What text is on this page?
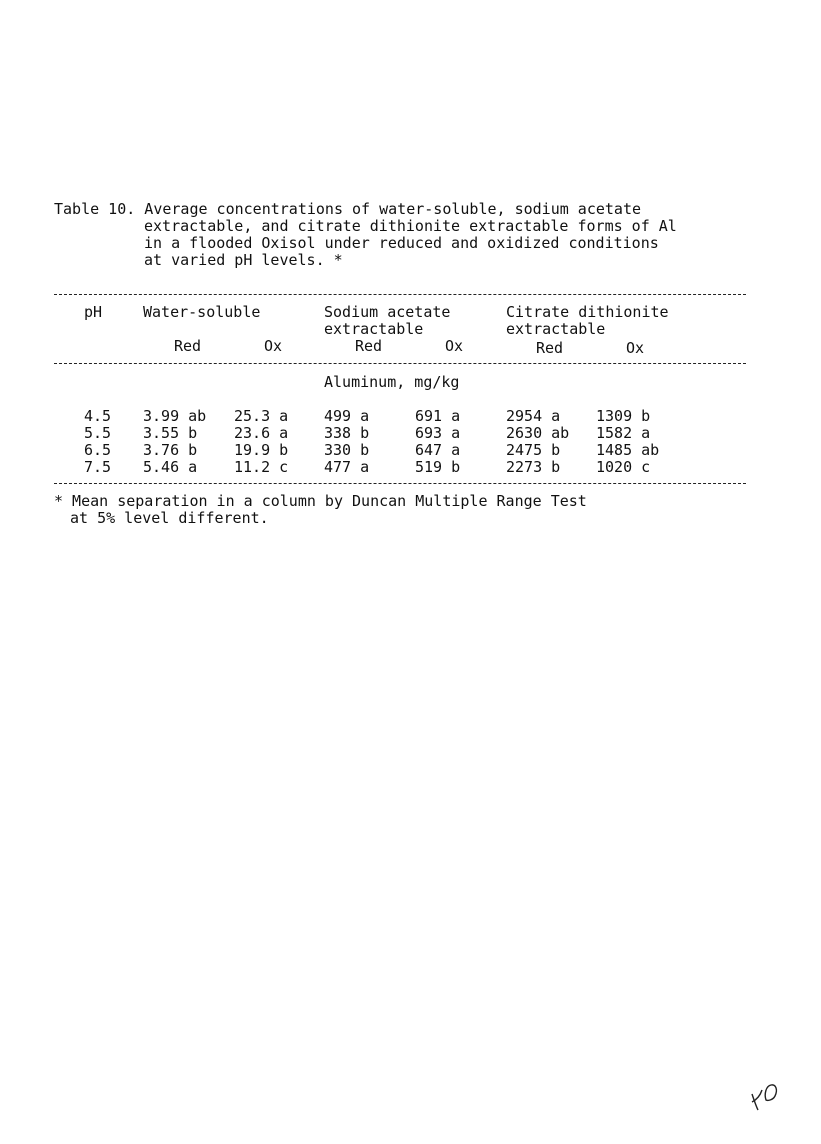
Table 10. Average concentrations of water-soluble, sodium acetate
extractable, and citrate dithionite extractable forms of Al
in a flooded Oxisol under reduced and oxidized conditions
at varied pH levels. *
pH	Water-soluble	Sodium acetate
extractable
Citrate dithionite
extractable
Red	Ox	Red	Ox	Red	Ox
Aluminum, mg/kg
4.5 3.99 ab 25.3 a 499 a	691 a	2954 a 1309 b
5.5 3.55 b 23.6 a 338 b	693 a	2630 ab 1582 a
6.5 3.76 b 19.9 b 330 b	647 a	2475 b 1485 ab
7.5 5.46 a 11.2 c 477 a	519 b	2273 b 1020 c
* Mean separation in a column by Duncan Multiple Range Test
at 5% level different.
